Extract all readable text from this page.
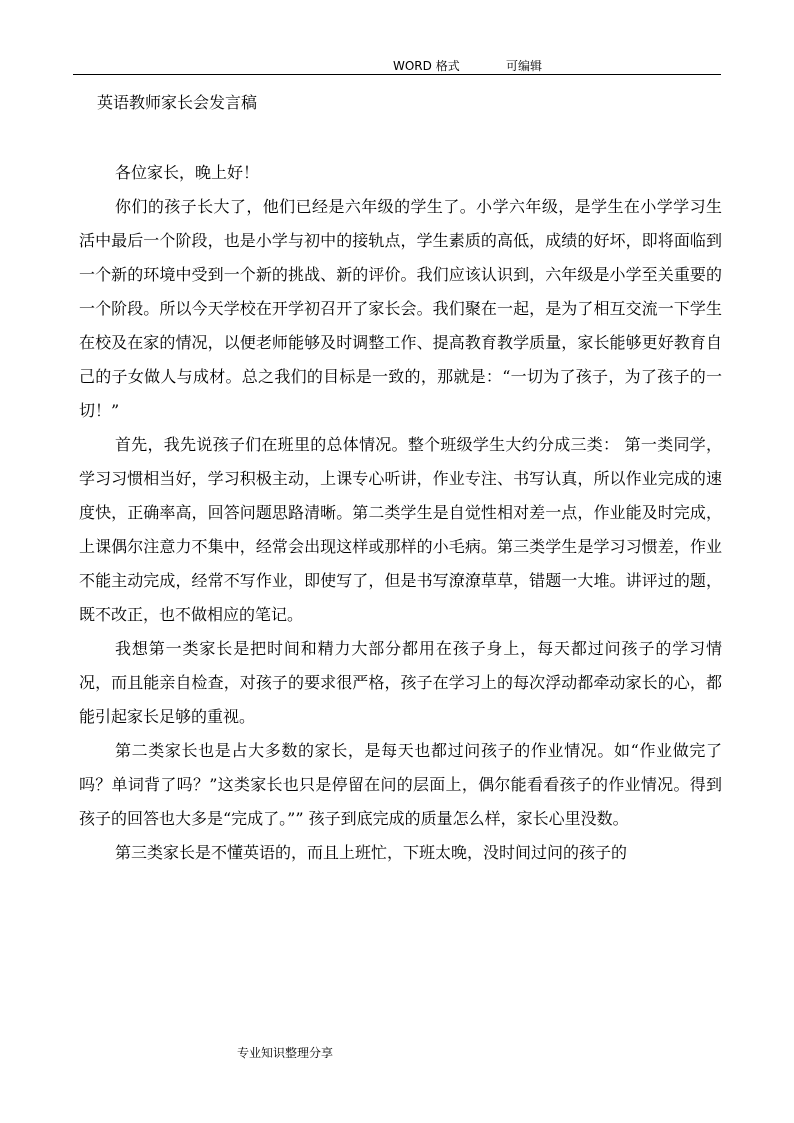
WORD 格式	可编辑
英语教师家长会发言稿

各位家长，晚上好！

你们的孩子长大了，他们已经是六年级的学生了。小学六年级，是学生在小学学习生活中最后一个阶段，也是小学与初中的接轨点，学生素质的高低，成绩的好坏，即将面临到一个新的环境中受到一个新的挑战、新的评价。我们应该认识到，六年级是小学至关重要的一个阶段。所以今天学校在开学初召开了家长会。我们聚在一起，是为了相互交流一下学生在校及在家的情况，以便老师能够及时调整工作、提高教育教学质量，家长能够更好教育自己的子女做人与成材。总之我们的目标是一致的，那就是：“一切为了孩子，为了孩子的一切！”

首先，我先说孩子们在班里的总体情况。整个班级学生大约分成三类： 第一类同学，学习习惯相当好，学习积极主动，上课专心听讲，作业专注、书写认真，所以作业完成的速度快，正确率高，回答问题思路清晰。第二类学生是自觉性相对差一点，作业能及时完成，上课偶尔注意力不集中，经常会出现这样或那样的小毛病。第三类学生是学习习惯差，作业不能主动完成，经常不写作业，即使写了，但是书写潦潦草草，错题一大堆。讲评过的题，既不改正，也不做相应的笔记。

我想第一类家长是把时间和精力大部分都用在孩子身上，每天都过问孩子的学习情况，而且能亲自检查，对孩子的要求很严格，孩子在学习上的每次浮动都牵动家长的心，都能引起家长足够的重视。

第二类家长也是占大多数的家长，是每天也都过问孩子的作业情况。如“作业做完了吗？单词背了吗？”这类家长也只是停留在问的层面上，偶尔能看看孩子的作业情况。得到孩子的回答也大多是“完成了。”” 孩子到底完成的质量怎么样，家长心里没数。

第三类家长是不懂英语的，而且上班忙，下班太晚，没时间过问的孩子的

专业知识整理分享
